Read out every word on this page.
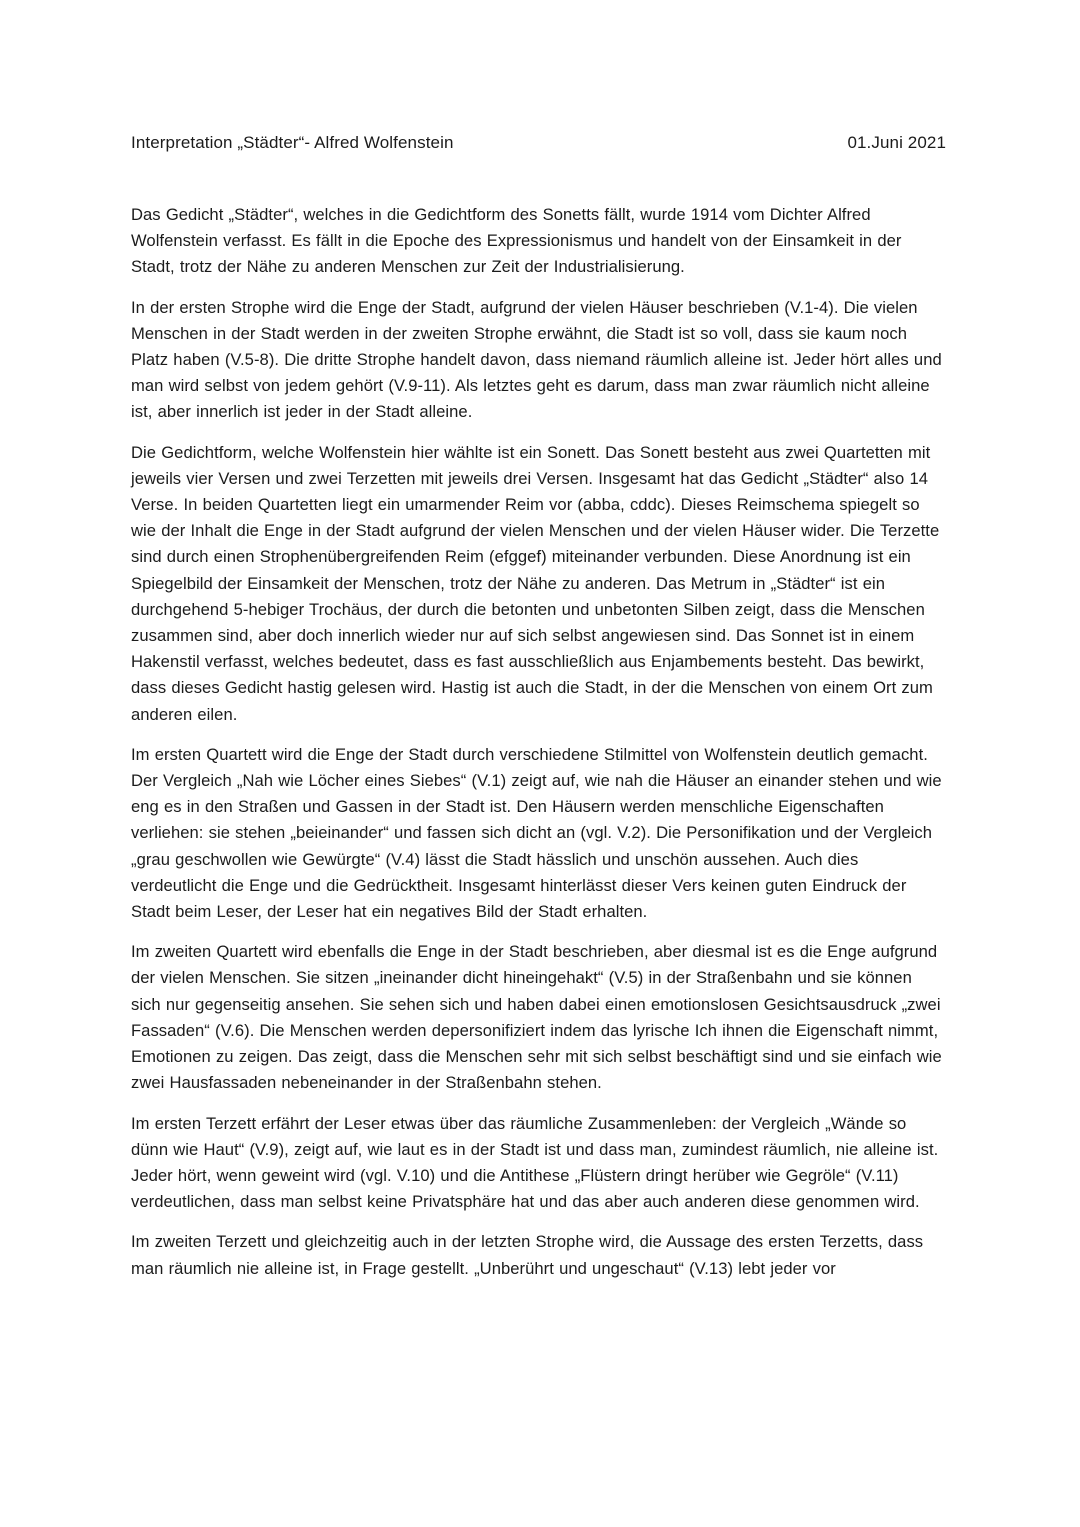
Interpretation „Städter“- Alfred Wolfenstein	01.Juni 2021

Das Gedicht „Städter“, welches in die Gedichtform des Sonetts fällt, wurde 1914 vom Dichter Alfred Wolfenstein verfasst. Es fällt in die Epoche des Expressionismus und handelt von der Einsamkeit in der Stadt, trotz der Nähe zu anderen Menschen zur Zeit der Industrialisierung.

In der ersten Strophe wird die Enge der Stadt, aufgrund der vielen Häuser beschrieben (V.1-4). Die vielen Menschen in der Stadt werden in der zweiten Strophe erwähnt, die Stadt ist so voll, dass sie kaum noch Platz haben (V.5-8). Die dritte Strophe handelt davon, dass niemand räumlich alleine ist. Jeder hört alles und man wird selbst von jedem gehört (V.9-11). Als letztes geht es darum, dass man zwar räumlich nicht alleine ist, aber innerlich ist jeder in der Stadt alleine.

Die Gedichtform, welche Wolfenstein hier wählte ist ein Sonett. Das Sonett besteht aus zwei Quartetten mit jeweils vier Versen und zwei Terzetten mit jeweils drei Versen. Insgesamt hat das Gedicht „Städter“ also 14 Verse. In beiden Quartetten liegt ein umarmender Reim vor (abba, cddc). Dieses Reimschema spiegelt so wie der Inhalt die Enge in der Stadt aufgrund der vielen Menschen und der vielen Häuser wider. Die Terzette sind durch einen Strophenübergreifenden Reim (efggef) miteinander verbunden. Diese Anordnung ist ein Spiegelbild der Einsamkeit der Menschen, trotz der Nähe zu anderen. Das Metrum in „Städter“ ist ein durchgehend 5-hebiger Trochäus, der durch die betonten und unbetonten Silben zeigt, dass die Menschen zusammen sind, aber doch innerlich wieder nur auf sich selbst angewiesen sind. Das Sonnet ist in einem Hakenstil verfasst, welches bedeutet, dass es fast ausschließlich aus Enjambements besteht. Das bewirkt, dass dieses Gedicht hastig gelesen wird. Hastig ist auch die Stadt, in der die Menschen von einem Ort zum anderen eilen.

Im ersten Quartett wird die Enge der Stadt durch verschiedene Stilmittel von Wolfenstein deutlich gemacht. Der Vergleich „Nah wie Löcher eines Siebes“ (V.1) zeigt auf, wie nah die Häuser an einander stehen und wie eng es in den Straßen und Gassen in der Stadt ist. Den Häusern werden menschliche Eigenschaften verliehen: sie stehen „beieinander“ und fassen sich dicht an (vgl. V.2). Die Personifikation und der Vergleich „grau geschwollen wie Gewürgte“ (V.4) lässt die Stadt hässlich und unschön aussehen. Auch dies verdeutlicht die Enge und die Gedrücktheit. Insgesamt hinterlässt dieser Vers keinen guten Eindruck der Stadt beim Leser, der Leser hat ein negatives Bild der Stadt erhalten.

Im zweiten Quartett wird ebenfalls die Enge in der Stadt beschrieben, aber diesmal ist es die Enge aufgrund der vielen Menschen. Sie sitzen „ineinander dicht hineingehakt“ (V.5) in der Straßenbahn und sie können sich nur gegenseitig ansehen. Sie sehen sich und haben dabei einen emotionslosen Gesichtsausdruck „zwei Fassaden“ (V.6). Die Menschen werden depersonifiziert indem das lyrische Ich ihnen die Eigenschaft nimmt, Emotionen zu zeigen. Das zeigt, dass die Menschen sehr mit sich selbst beschäftigt sind und sie einfach wie zwei Hausfassaden nebeneinander in der Straßenbahn stehen.

Im ersten Terzett erfährt der Leser etwas über das räumliche Zusammenleben: der Vergleich „Wände so dünn wie Haut“ (V.9), zeigt auf, wie laut es in der Stadt ist und dass man, zumindest räumlich, nie alleine ist. Jeder hört, wenn geweint wird (vgl. V.10) und die Antithese „Flüstern dringt herüber wie Gegröle“ (V.11) verdeutlichen, dass man selbst keine Privatsphäre hat und das aber auch anderen diese genommen wird.

Im zweiten Terzett und gleichzeitig auch in der letzten Strophe wird, die Aussage des ersten Terzetts, dass man räumlich nie alleine ist, in Frage gestellt. „Unberührt und ungeschaut“ (V.13) lebt jeder vor
